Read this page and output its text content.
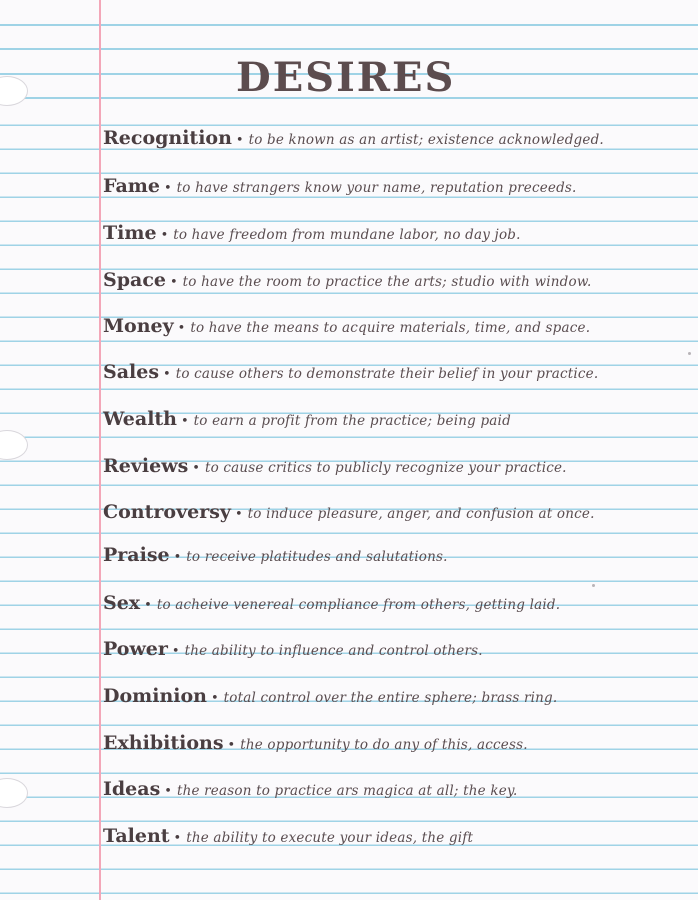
DESIRES
Recognition • to be known as an artist; existence acknowledged.
Fame • to have strangers know your name, reputation preceeds.
Time • to have freedom from mundane labor, no day job.
Space • to have the room to practice the arts; studio with window.
Money • to have the means to acquire materials, time, and space.
Sales • to cause others to demonstrate their belief in your practice.
Wealth • to earn a profit from the practice; being paid
Reviews • to cause critics to publicly recognize your practice.
Controversy • to induce pleasure, anger, and confusion at once.
Praise • to receive platitudes and salutations.
Sex • to acheive venereal compliance from others, getting laid.
Power • the ability to influence and control others.
Dominion • total control over the entire sphere; brass ring.
Exhibitions • the opportunity to do any of this, access.
Ideas • the reason to practice ars magica at all; the key.
Talent • the ability to execute your ideas, the gift
